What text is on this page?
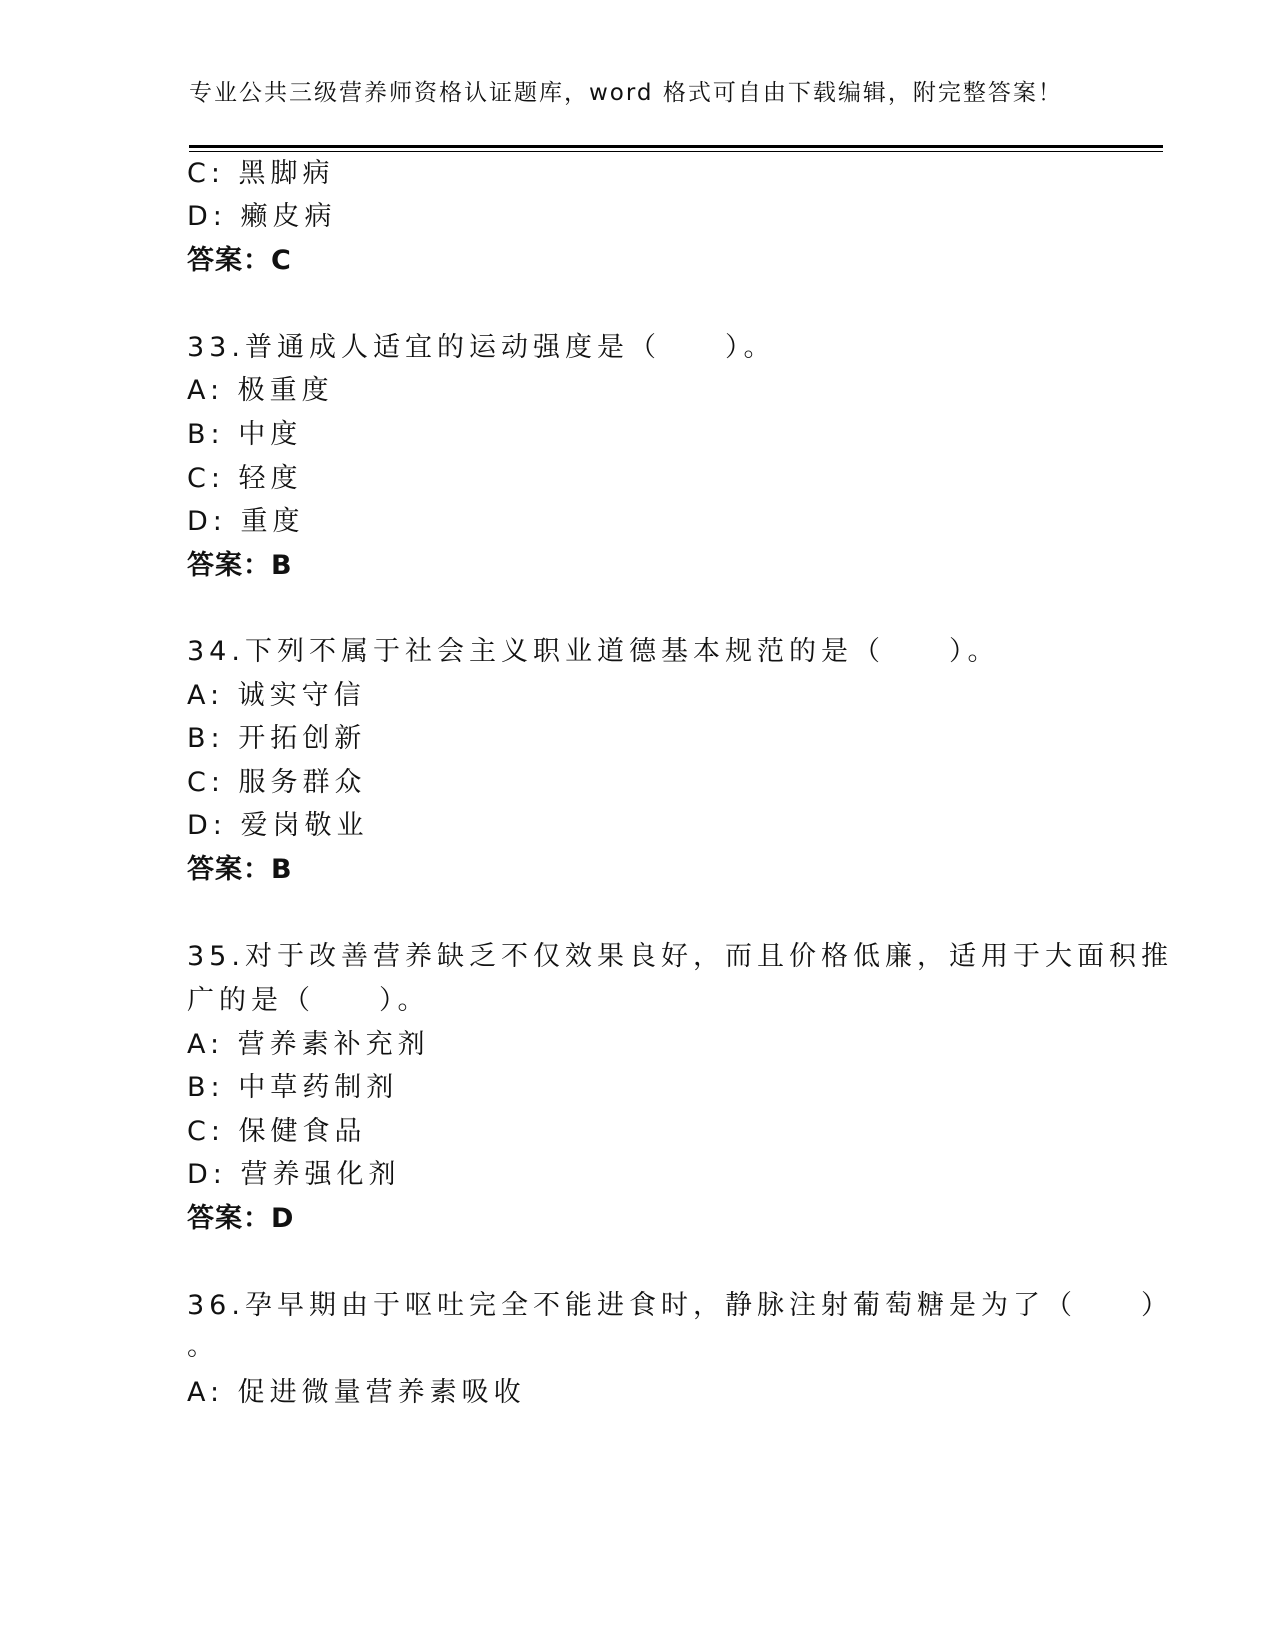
专业公共三级营养师资格认证题库，word 格式可自由下载编辑，附完整答案！
C: 黑脚病
D: 癞皮病
答案：C
33.普通成人适宜的运动强度是（　　）。
A: 极重度
B: 中度
C: 轻度
D: 重度
答案：B
34.下列不属于社会主义职业道德基本规范的是（　　）。
A: 诚实守信
B: 开拓创新
C: 服务群众
D: 爱岗敬业
答案：B
35.对于改善营养缺乏不仅效果良好，而且价格低廉，适用于大面积推
广的是（　　）。
A: 营养素补充剂
B: 中草药制剂
C: 保健食品
D: 营养强化剂
答案：D
36.孕早期由于呕吐完全不能进食时，静脉注射葡萄糖是为了（　　）
。
A: 促进微量营养素吸收
